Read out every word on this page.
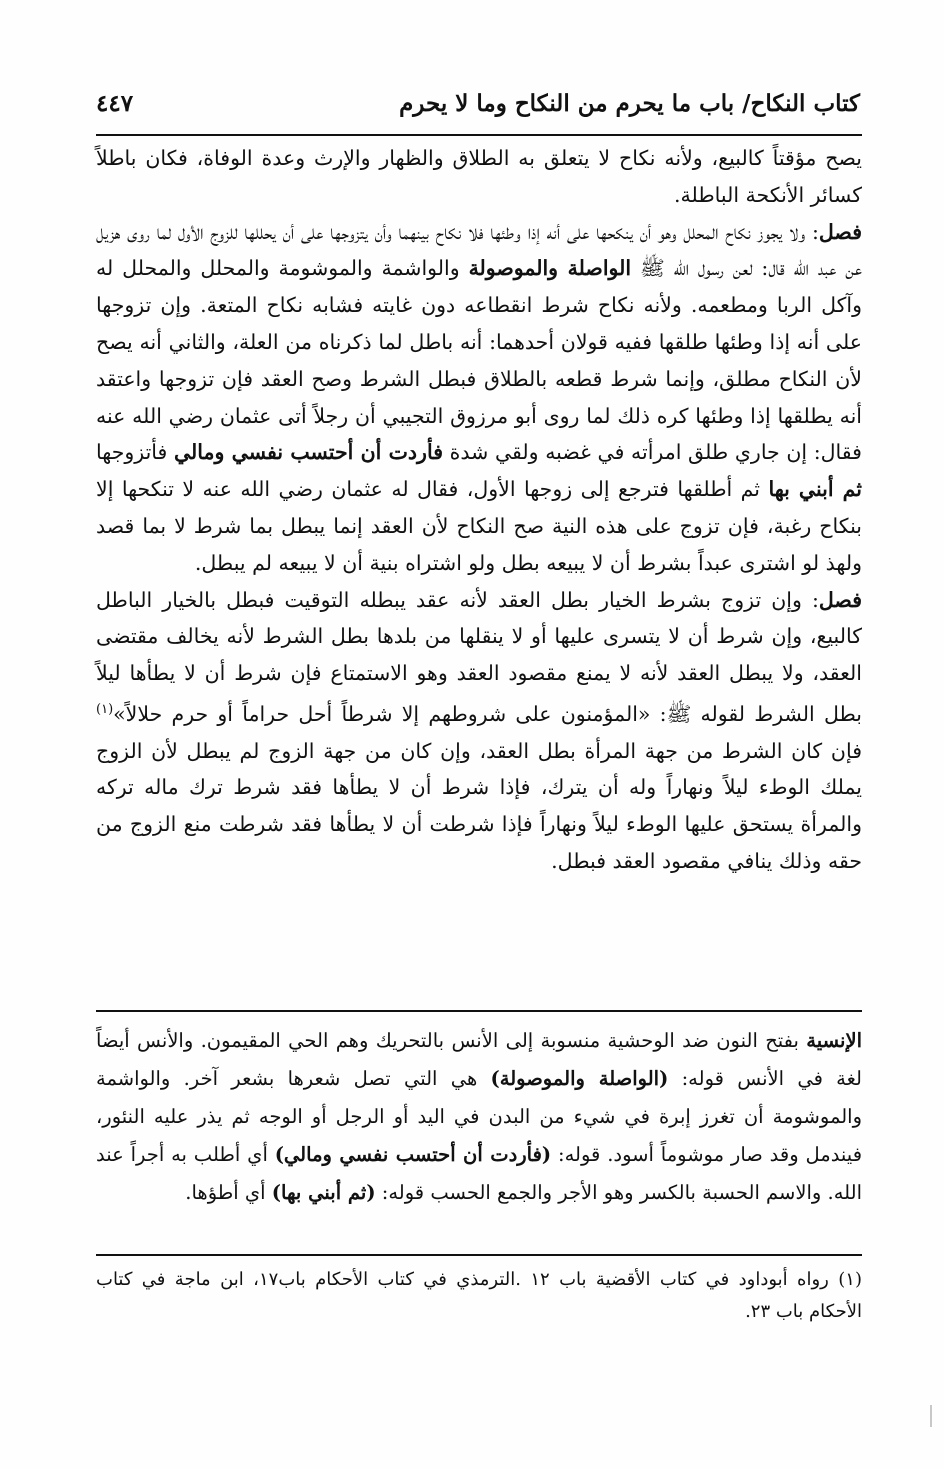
كتاب النكاح/ باب ما يحرم من النكاح وما لا يحرم
٤٤٧

يصح مؤقتاً كالبيع، ولأنه نكاح لا يتعلق به الطلاق والظهار والإرث وعدة الوفاة، فكان باطلاً كسائر الأنكحة الباطلة.

فصل: ولا يجوز نكاح المحلل وهو أن ينكحها على أنه إذا وطئها فلا نكاح بينهما وأن يتزوجها على أن يحللها للزوج الأول لما روى هزيل عن عبد الله قال: لعن رسول الله ﷺ الواصلة والموصولة والواشمة والموشومة والمحلل والمحلل له وآكل الربا ومطعمه. ولأنه نكاح شرط انقطاعه دون غايته فشابه نكاح المتعة. وإن تزوجها على أنه إذا وطئها طلقها ففيه قولان أحدهما: أنه باطل لما ذكرناه من العلة، والثاني أنه يصح لأن النكاح مطلق، وإنما شرط قطعه بالطلاق فبطل الشرط وصح العقد فإن تزوجها واعتقد أنه يطلقها إذا وطئها كره ذلك لما روى أبو مرزوق التجيبي أن رجلاً أتى عثمان رضي الله عنه فقال: إن جاري طلق امرأته في غضبه ولقي شدة فأردت أن أحتسب نفسي ومالي فأتزوجها ثم أبني بها ثم أطلقها فترجع إلى زوجها الأول، فقال له عثمان رضي الله عنه لا تنكحها إلا بنكاح رغبة، فإن تزوج على هذه النية صح النكاح لأن العقد إنما يبطل بما شرط لا بما قصد ولهذ لو اشترى عبداً بشرط أن لا يبيعه بطل ولو اشتراه بنية أن لا يبيعه لم يبطل.

فصل: وإن تزوج بشرط الخيار بطل العقد لأنه عقد يبطله التوقيت فبطل بالخيار الباطل كالبيع، وإن شرط أن لا يتسرى عليها أو لا ينقلها من بلدها بطل الشرط لأنه يخالف مقتضى العقد، ولا يبطل العقد لأنه لا يمنع مقصود العقد وهو الاستمتاع فإن شرط أن لا يطأها ليلاً بطل الشرط لقوله ﷺ: «المؤمنون على شروطهم إلا شرطاً أحل حراماً أو حرم حلالاً»$^{(١)}$ فإن كان الشرط من جهة المرأة بطل العقد، وإن كان من جهة الزوج لم يبطل لأن الزوج يملك الوطء ليلاً ونهاراً وله أن يترك، فإذا شرط أن لا يطأها فقد شرط ترك ماله تركه والمرأة يستحق عليها الوطء ليلاً ونهاراً فإذا شرطت أن لا يطأها فقد شرطت منع الزوج من حقه وذلك ينافي مقصود العقد فبطل.

الإنسية بفتح النون ضد الوحشية منسوبة إلى الأنس بالتحريك وهم الحي المقيمون. والأنس أيضاً لغة في الأنس قوله: (الواصلة والموصولة) هي التي تصل شعرها بشعر آخر. والواشمة والموشومة أن تغرز إبرة في شيء من البدن في اليد أو الرجل أو الوجه ثم يذر عليه النئور، فيندمل وقد صار موشوماً أسود. قوله: (فأردت أن أحتسب نفسي ومالي) أي أطلب به أجراً عند الله. والاسم الحسبة بالكسر وهو الأجر والجمع الحسب قوله: (ثم أبني بها) أي أطؤها.

(١) رواه أبوداود في كتاب الأقضية باب ١٢ .الترمذي في كتاب الأحكام باب١٧، ابن ماجة في كتاب الأحكام باب ٢٣.
